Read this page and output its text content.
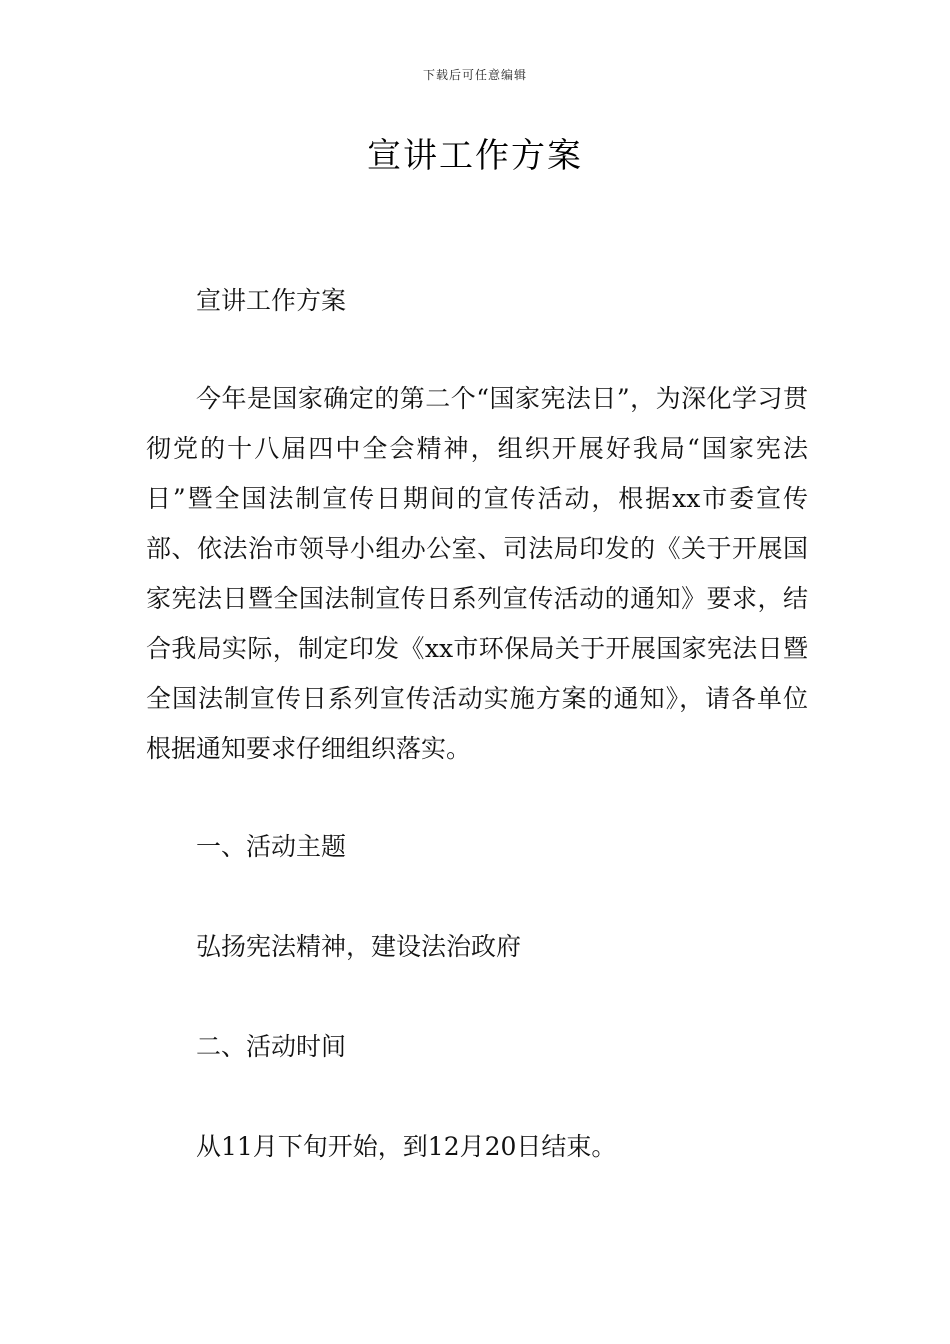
下载后可任意编辑
宣讲工作方案

宣讲工作方案

今年是国家确定的第二个“国家宪法日”，为深化学习贯彻党的十八届四中全会精神，组织开展好我局“国家宪法日”暨全国法制宣传日期间的宣传活动，根据xx市委宣传部、依法治市领导小组办公室、司法局印发的《关于开展国家宪法日暨全国法制宣传日系列宣传活动的通知》要求，结合我局实际，制定印发《xx市环保局关于开展国家宪法日暨全国法制宣传日系列宣传活动实施方案的通知》，请各单位根据通知要求仔细组织落实。

一、活动主题

弘扬宪法精神，建设法治政府

二、活动时间

从11月下旬开始，到12月20日结束。
